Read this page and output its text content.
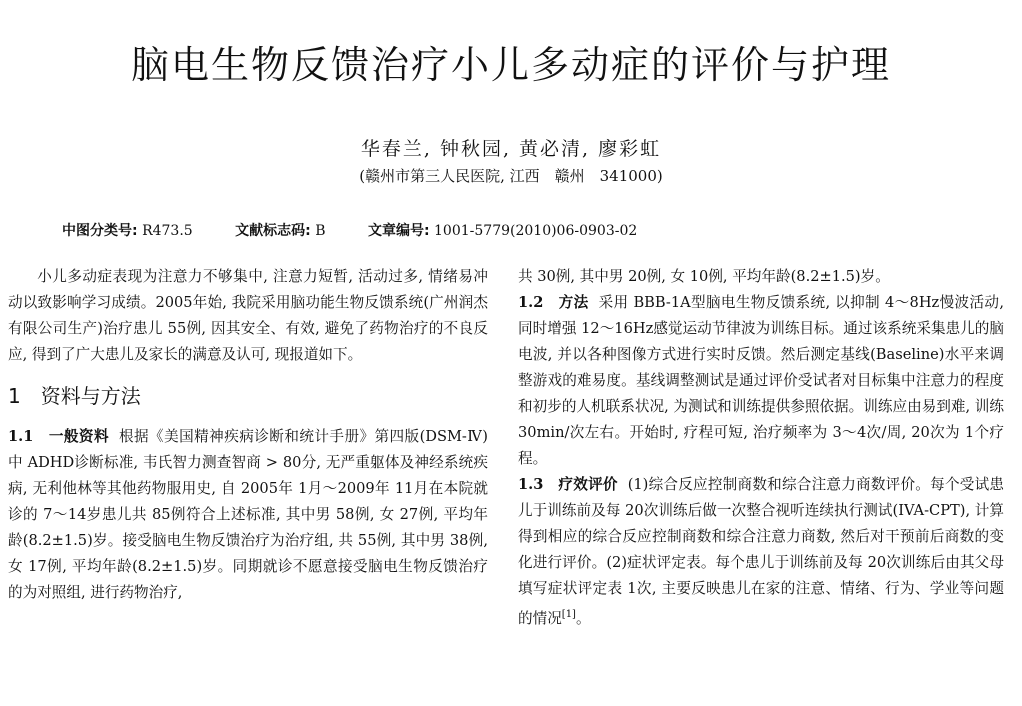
脑电生物反馈治疗小儿多动症的评价与护理
华春兰, 钟秋园, 黄必清, 廖彩虹
(赣州市第三人民医院, 江西　赣州　341000)
中图分类号: R473.5	文献标志码: B	文章编号: 1001-5779(2010)06-0903-02

小儿多动症表现为注意力不够集中, 注意力短暂, 活动过多, 情绪易冲动以致影响学习成绩。2005年始, 我院采用脑功能生物反馈系统(广州润杰有限公司生产)治疗患儿 55例, 因其安全、有效, 避免了药物治疗的不良反应, 得到了广大患儿及家长的满意及认可, 现报道如下。

1　资料与方法

1.1　一般资料 根据《美国精神疾病诊断和统计手册》第四版(DSM-Ⅳ)中 ADHD诊断标准, 韦氏智力测查智商 > 80分, 无严重躯体及神经系统疾病, 无利他林等其他药物服用史, 自 2005年 1月～2009年 11月在本院就诊的 7～14岁患儿共 85例符合上述标准, 其中男 58例, 女 27例, 平均年龄(8.2±1.5)岁。接受脑电生物反馈治疗为治疗组, 共 55例, 其中男 38例, 女 17例, 平均年龄(8.2±1.5)岁。同期就诊不愿意接受脑电生物反馈治疗的为对照组, 进行药物治疗,

共 30例, 其中男 20例, 女 10例, 平均年龄(8.2±1.5)岁。

1.2　方法 采用 BBB-1A型脑电生物反馈系统, 以抑制 4～8Hz慢波活动, 同时增强 12～16Hz感觉运动节律波为训练目标。通过该系统采集患儿的脑电波, 并以各种图像方式进行实时反馈。然后测定基线(Baseline)水平来调整游戏的难易度。基线调整测试是通过评价受试者对目标集中注意力的程度和初步的人机联系状况, 为测试和训练提供参照依据。训练应由易到难, 训练 30min/次左右。开始时, 疗程可短, 治疗频率为 3～4次/周, 20次为 1个疗程。

1.3　疗效评价 (1)综合反应控制商数和综合注意力商数评价。每个受试患儿于训练前及每 20次训练后做一次整合视听连续执行测试(IVA-CPT), 计算得到相应的综合反应控制商数和综合注意力商数, 然后对干预前后商数的变化进行评价。(2)症状评定表。每个患儿于训练前及每 20次训练后由其父母填写症状评定表 1次, 主要反映患儿在家的注意、情绪、行为、学业等问题的情况[1]。
